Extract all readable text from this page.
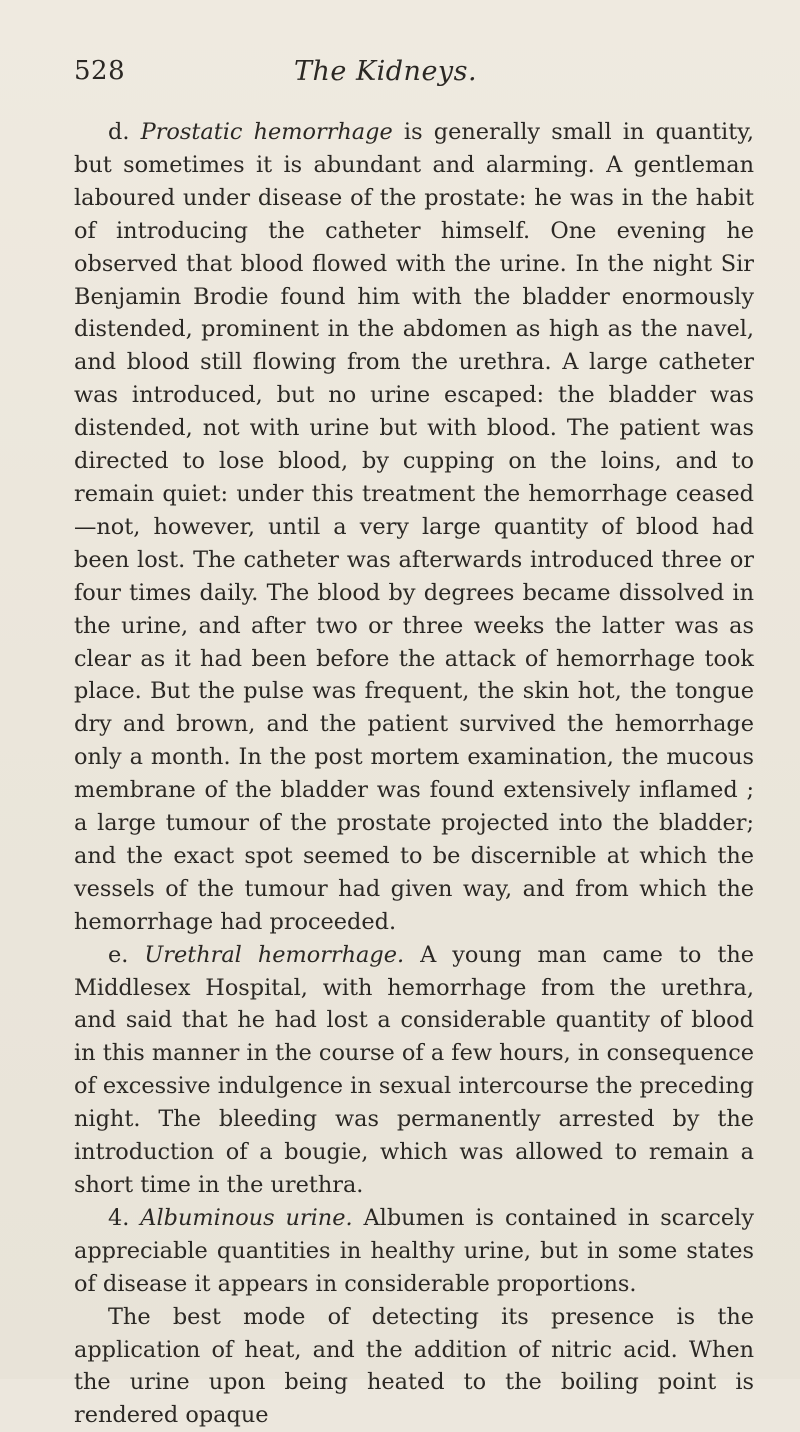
528	The Kidneys.

d. Prostatic hemorrhage is generally small in quantity, but sometimes it is abundant and alarming. A gentleman laboured under disease of the prostate: he was in the habit of introducing the catheter himself. One evening he observed that blood flowed with the urine. In the night Sir Benjamin Brodie found him with the bladder enormously distended, prominent in the abdomen as high as the navel, and blood still flowing from the urethra. A large catheter was introduced, but no urine escaped: the bladder was distended, not with urine but with blood. The patient was directed to lose blood, by cupping on the loins, and to remain quiet: under this treatment the hemorrhage ceased—not, however, until a very large quantity of blood had been lost. The catheter was afterwards introduced three or four times daily. The blood by degrees became dissolved in the urine, and after two or three weeks the latter was as clear as it had been before the attack of hemorrhage took place. But the pulse was frequent, the skin hot, the tongue dry and brown, and the patient survived the hemorrhage only a month. In the post mortem examination, the mucous membrane of the bladder was found extensively inflamed ; a large tumour of the prostate projected into the bladder; and the exact spot seemed to be discernible at which the vessels of the tumour had given way, and from which the hemorrhage had proceeded.

e. Urethral hemorrhage. A young man came to the Middlesex Hospital, with hemorrhage from the urethra, and said that he had lost a considerable quantity of blood in this manner in the course of a few hours, in consequence of excessive indulgence in sexual intercourse the preceding night. The bleeding was permanently arrested by the introduction of a bougie, which was allowed to remain a short time in the urethra.

4. Albuminous urine. Albumen is contained in scarcely appreciable quantities in healthy urine, but in some states of disease it appears in considerable proportions.

The best mode of detecting its presence is the application of heat, and the addition of nitric acid. When the urine upon being heated to the boiling point is rendered opaque
